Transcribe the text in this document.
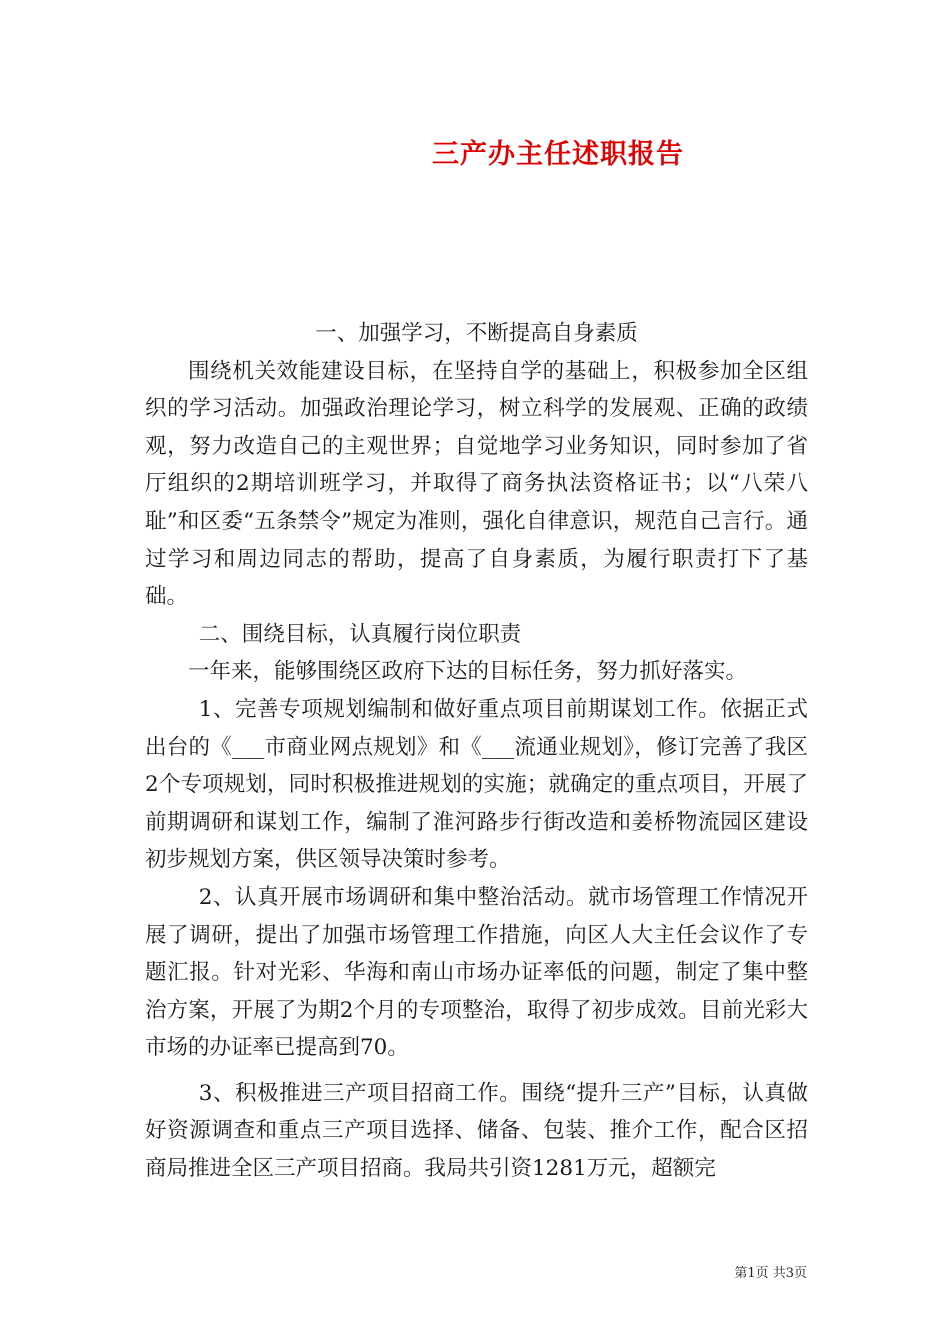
三产办主任述职报告

一、加强学习，不断提高自身素质

围绕机关效能建设目标，在坚持自学的基础上，积极参加全区组织的学习活动。加强政治理论学习，树立科学的发展观、正确的政绩观，努力改造自己的主观世界；自觉地学习业务知识，同时参加了省厅组织的2期培训班学习，并取得了商务执法资格证书；以“八荣八耻”和区委“五条禁令”规定为准则，强化自律意识，规范自己言行。通过学习和周边同志的帮助，提高了自身素质，为履行职责打下了基础。

二、围绕目标，认真履行岗位职责

一年来，能够围绕区政府下达的目标任务，努力抓好落实。

1、完善专项规划编制和做好重点项目前期谋划工作。依据正式出台的《___市商业网点规划》和《___流通业规划》，修订完善了我区2个专项规划，同时积极推进规划的实施；就确定的重点项目，开展了前期调研和谋划工作，编制了淮河路步行街改造和姜桥物流园区建设初步规划方案，供区领导决策时参考。

2、认真开展市场调研和集中整治活动。就市场管理工作情况开展了调研，提出了加强市场管理工作措施，向区人大主任会议作了专题汇报。针对光彩、华海和南山市场办证率低的问题，制定了集中整治方案，开展了为期2个月的专项整治，取得了初步成效。目前光彩大市场的办证率已提高到70。

3、积极推进三产项目招商工作。围绕“提升三产”目标，认真做好资源调查和重点三产项目选择、储备、包装、推介工作，配合区招商局推进全区三产项目招商。我局共引资1281万元，超额完

第1页 共3页
